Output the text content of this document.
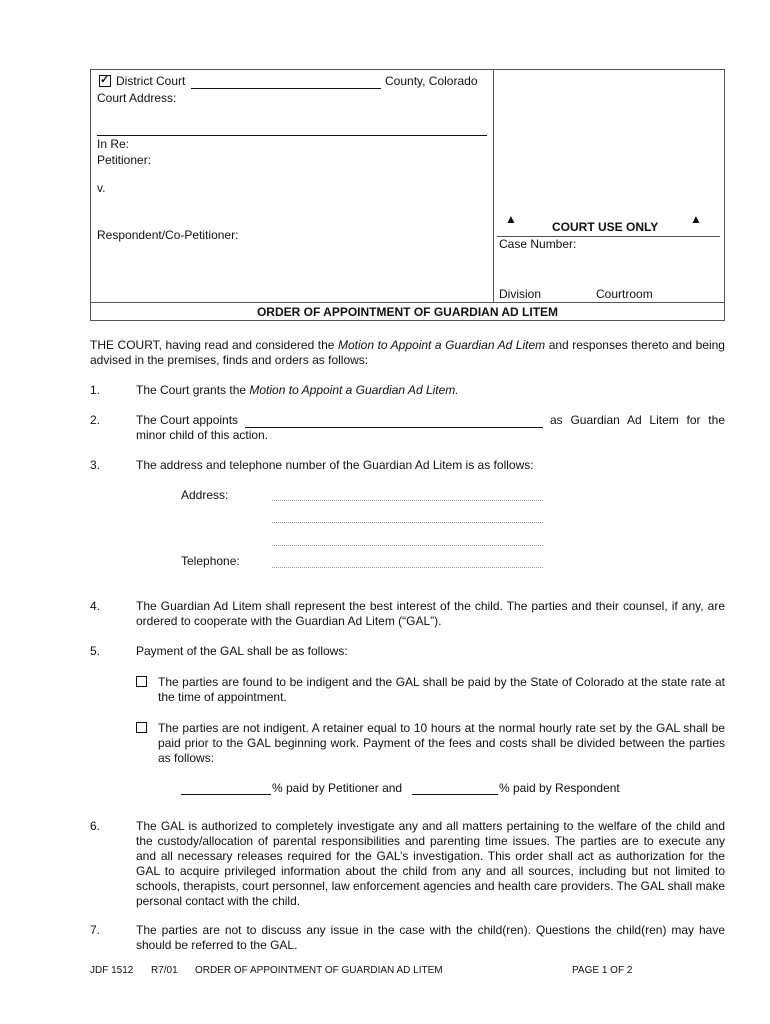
✓ District Court	County, Colorado
Court Address:
In Re:
Petitioner:
v.
Respondent/Co-Petitioner:
▲
COURT USE ONLY
▲
Case Number:
Division	Courtroom
ORDER OF APPOINTMENT OF GUARDIAN AD LITEM
THE COURT, having read and considered the Motion to Appoint a Guardian Ad Litem and responses thereto and being advised in the premises, finds and orders as follows:
1.	The Court grants the Motion to Appoint a Guardian Ad Litem.
2.	The Court appoints	as Guardian Ad Litem for the
minor child of this action.
3.	The address and telephone number of the Guardian Ad Litem is as follows:
Address:
Telephone:
4.	The Guardian Ad Litem shall represent the best interest of the child. The parties and their counsel, if any, are ordered to cooperate with the Guardian Ad Litem (“GAL”).
5.	Payment of the GAL shall be as follows:
The parties are found to be indigent and the GAL shall be paid by the State of Colorado at the state rate at the time of appointment.
The parties are not indigent. A retainer equal to 10 hours at the normal hourly rate set by the GAL shall be paid prior to the GAL beginning work. Payment of the fees and costs shall be divided between the parties as follows:
% paid by Petitioner and	% paid by Respondent
6.	The GAL is authorized to completely investigate any and all matters pertaining to the welfare of the child and the custody/allocation of parental responsibilities and parenting time issues. The parties are to execute any and all necessary releases required for the GAL’s investigation. This order shall act as authorization for the GAL to acquire privileged information about the child from any and all sources, including but not limited to schools, therapists, court personnel, law enforcement agencies and health care providers. The GAL shall make personal contact with the child.
7.	The parties are not to discuss any issue in the case with the child(ren). Questions the child(ren) may have should be referred to the GAL.
JDF 1512 R7/01 ORDER OF APPOINTMENT OF GUARDIAN AD LITEM	PAGE 1 OF 2
